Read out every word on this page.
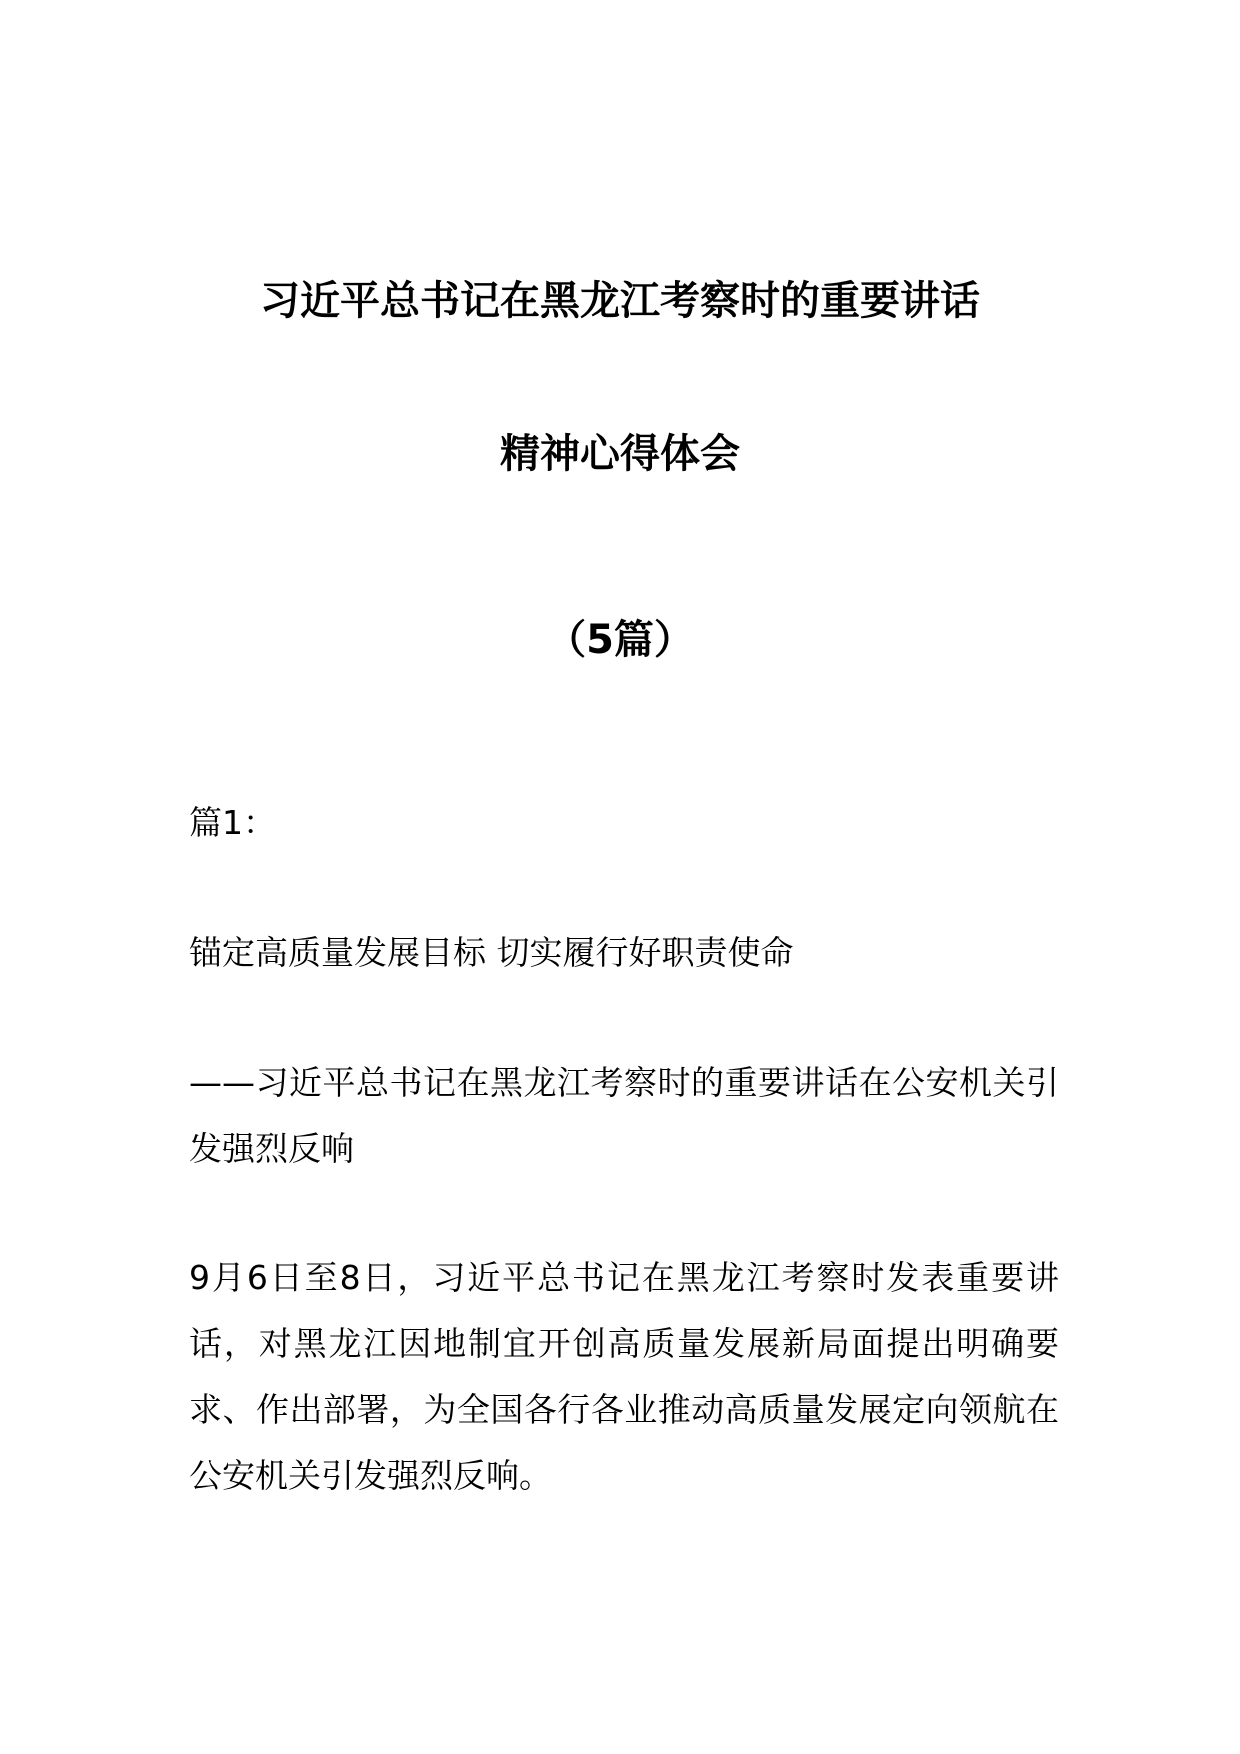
习近平总书记在黑龙江考察时的重要讲话
精神心得体会
（5篇）

篇1：

锚定高质量发展目标 切实履行好职责使命

——习近平总书记在黑龙江考察时的重要讲话在公安机关引发强烈反响

9月6日至8日，习近平总书记在黑龙江考察时发表重要讲话，对黑龙江因地制宜开创高质量发展新局面提出明确要求、作出部署，为全国各行各业推动高质量发展定向领航在公安机关引发强烈反响。
